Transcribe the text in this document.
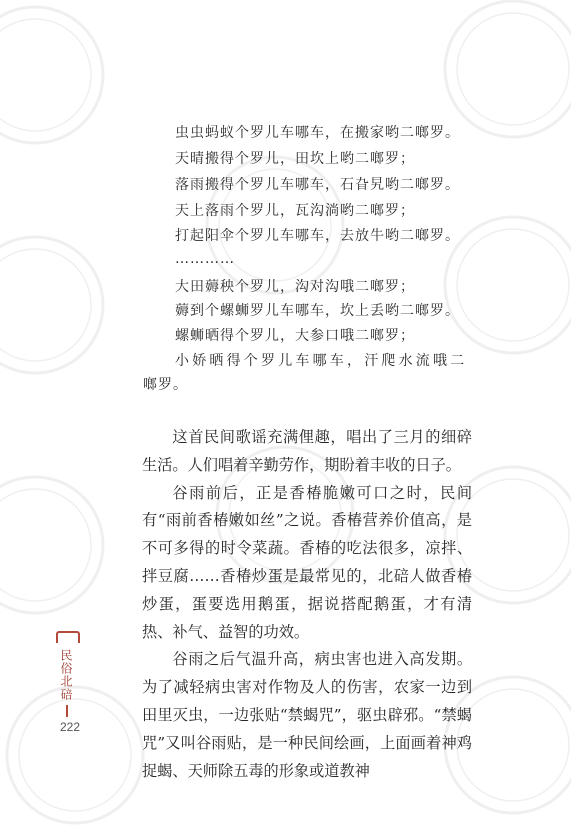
虫虫蚂蚁个罗儿车哪车，在搬家哟二啷罗。
天晴搬得个罗儿，田坎上哟二啷罗；
落雨搬得个罗儿车哪车，石旮旯哟二啷罗。
天上落雨个罗儿，瓦沟淌哟二啷罗；
打起阳伞个罗儿车哪车，去放牛哟二啷罗。
…………
大田薅秧个罗儿，沟对沟哦二啷罗；
薅到个螺蛳罗儿车哪车，坎上丢哟二啷罗。
螺蛳晒得个罗儿，大参口哦二啷罗；
小娇晒得个罗儿车哪车，汗爬水流哦二
啷罗。

这首民间歌谣充满俚趣，唱出了三月的细碎生活。人们唱着辛勤劳作，期盼着丰收的日子。

谷雨前后，正是香椿脆嫩可口之时，民间有“雨前香椿嫩如丝”之说。香椿营养价值高，是不可多得的时令菜蔬。香椿的吃法很多，凉拌、拌豆腐……香椿炒蛋是最常见的，北碚人做香椿炒蛋，蛋要选用鹅蛋，据说搭配鹅蛋，才有清热、补气、益智的功效。

谷雨之后气温升高，病虫害也进入高发期。为了减轻病虫害对作物及人的伤害，农家一边到田里灭虫，一边张贴“禁蝎咒”，驱虫辟邪。“禁蝎咒”又叫谷雨贴，是一种民间绘画，上面画着神鸡捉蝎、天师除五毒的形象或道教神

民俗北碚
222
